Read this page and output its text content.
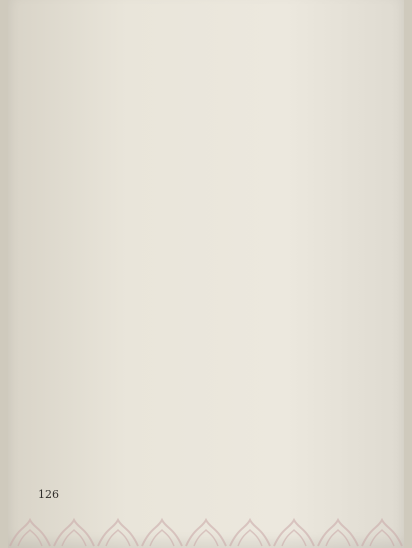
126
